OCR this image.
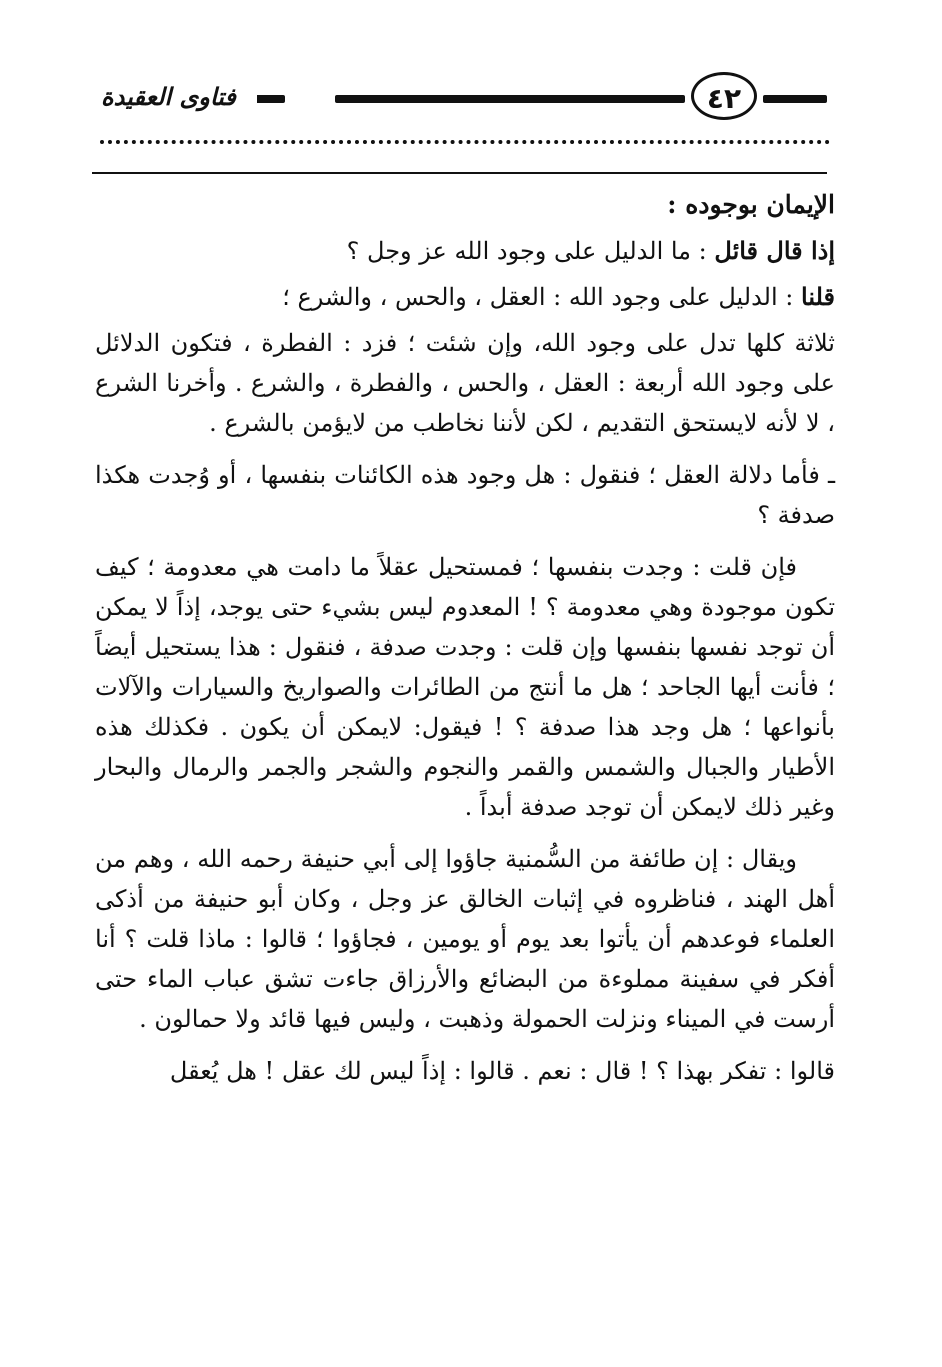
فتاوى العقيدة	٤٢

الإيمان بوجوده :

إذا قال قائل : ما الدليل على وجود الله عز وجل ؟

قلنا : الدليل على وجود الله : العقل ، والحس ، والشرع ؛

ثلاثة كلها تدل على وجود الله، وإن شئت ؛ فزد : الفطرة ، فتكون الدلائل على وجود الله أربعة : العقل ، والحس ، والفطرة ، والشرع . وأخرنا الشرع ، لا لأنه لايستحق التقديم ، لكن لأننا نخاطب من لايؤمن بالشرع .

ـ فأما دلالة العقل ؛ فنقول : هل وجود هذه الكائنات بنفسها ، أو وُجدت هكذا صدفة ؟

فإن قلت : وجدت بنفسها ؛ فمستحيل عقلاً ما دامت هي معدومة ؛ كيف تكون موجودة وهي معدومة ؟ ! المعدوم ليس بشيء حتى يوجد، إذاً لا يمكن أن توجد نفسها بنفسها وإن قلت : وجدت صدفة ، فنقول : هذا يستحيل أيضاً ؛ فأنت أيها الجاحد ؛ هل ما أنتج من الطائرات والصواريخ والسيارات والآلات بأنواعها ؛ هل وجد هذا صدفة ؟ ! فيقول: لايمكن أن يكون . فكذلك هذه الأطيار والجبال والشمس والقمر والنجوم والشجر والجمر والرمال والبحار وغير ذلك لايمكن أن توجد صدفة أبداً .

ويقال : إن طائفة من السُّمنية جاؤوا إلى أبي حنيفة رحمه الله ، وهم من أهل الهند ، فناظروه في إثبات الخالق عز وجل ، وكان أبو حنيفة من أذكى العلماء فوعدهم أن يأتوا بعد يوم أو يومين ، فجاؤوا ؛ قالوا : ماذا قلت ؟ أنا أفكر في سفينة مملوءة من البضائع والأرزاق جاءت تشق عباب الماء حتى أرست في الميناء ونزلت الحمولة وذهبت ، وليس فيها قائد ولا حمالون .

قالوا : تفكر بهذا ؟ ! قال : نعم . قالوا : إذاً ليس لك عقل ! هل يُعقل
